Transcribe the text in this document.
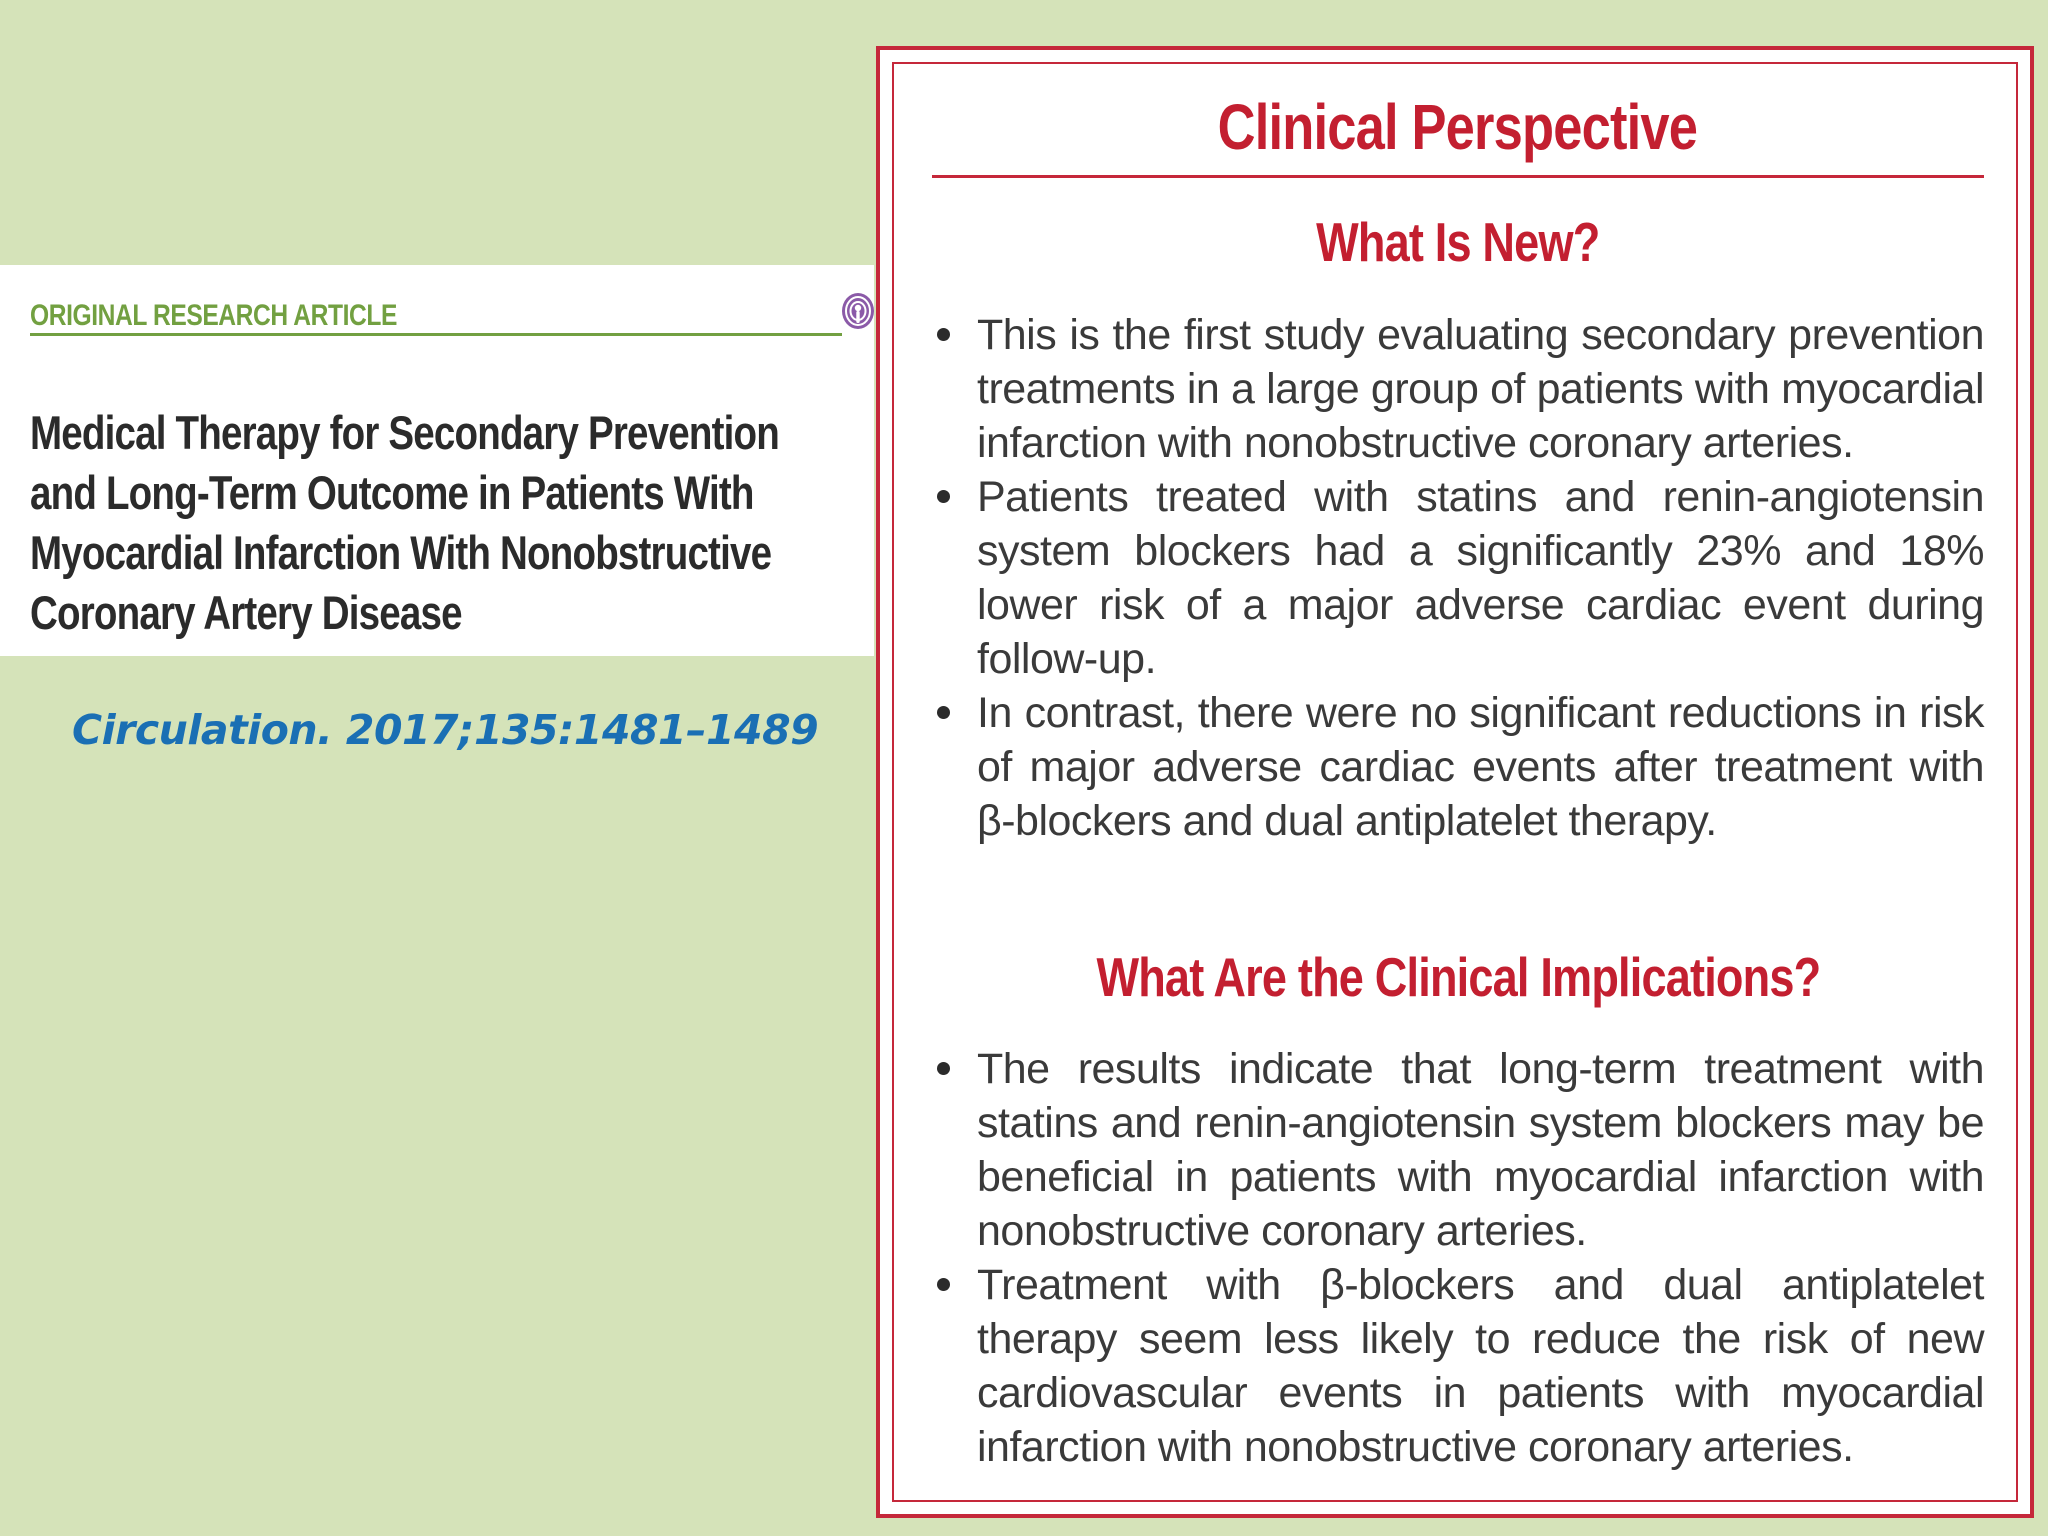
ORIGINAL RESEARCH ARTICLE
Medical Therapy for Secondary Prevention and Long-Term Outcome in Patients With Myocardial Infarction With Nonobstructive Coronary Artery Disease
Circulation. 2017;135:1481–1489
Clinical Perspective
What Is New?
This is the first study evaluating secondary prevention treatments in a large group of patients with myocardial infarction with nonobstructive coronary arteries.
Patients treated with statins and renin-angiotensin system blockers had a significantly 23% and 18% lower risk of a major adverse cardiac event during follow-up.
In contrast, there were no significant reductions in risk of major adverse cardiac events after treatment with β-blockers and dual antiplatelet therapy.
What Are the Clinical Implications?
The results indicate that long-term treatment with statins and renin-angiotensin system blockers may be beneficial in patients with myocardial infarction with nonobstructive coronary arteries.
Treatment with β-blockers and dual antiplatelet therapy seem less likely to reduce the risk of new cardiovascular events in patients with myocardial infarction with nonobstructive coronary arteries.
